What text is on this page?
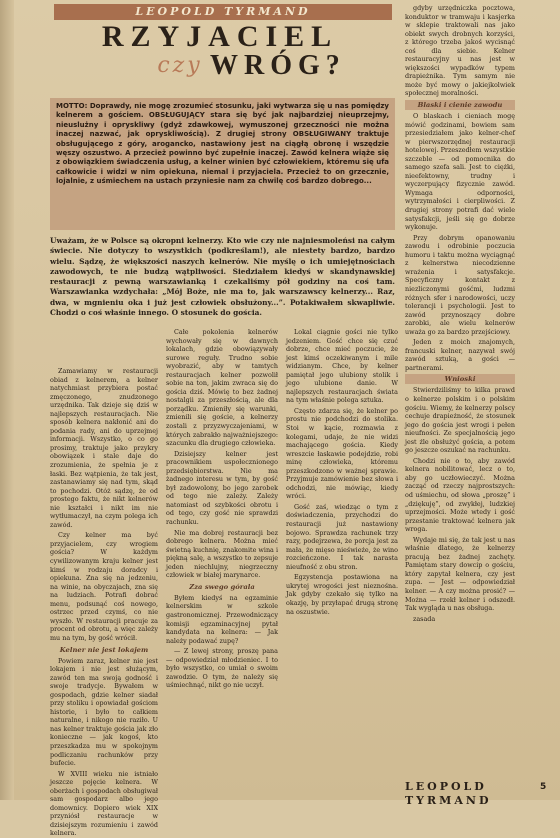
LEOPOLD TYRMAND
RZYJACIEL
czy WRÓG?
MOTTO: Doprawdy, nie mogę zrozumieć stosunku, jaki wytwarza się u nas pomiędzy kelnerem a gościem. OBSŁUGUJĄCY stara się być jak najbardziej nieuprzejmy, nieuslużny i opryskliwy (gdyż zdawkowej, wymuszonej grzeczności nie można inaczej nazwać, jak opryskliwością). Z drugiej strony OBSŁUGIWANY traktuje obsługującego z góry, arogancko, nastawiony jest na ciągłą obronę i wszędzie węszy oszustwo. A przecież powinno być zupełnie inaczej. Zawód kelnera wiąże się z obowiązkiem świadczenia usług, a kelner winien być człowiekiem, któremu się ufa całkowicie i widzi w nim opiekuna, niemal i przyjaciela. Przecież to on grzecznie, lojalnie, z uśmiechem na ustach przyniesie nam za chwilę coś bardzo dobrego...
Uważam, że w Polsce są okropni kelnerzy. Kto wie czy nie najniesmoleńsi na całym świecie. Nie dotyczy to wszystkich (podkreślam!), ale niestety bardzo, bardzo wielu. Sądzę, że większości naszych kelnerów. Nie myślę o ich umiejętnościach zawodowych, te nie budzą wątpliwości. Siedziałem kiedyś w skandynawskiej restauracji z pewną warszawianką i czekaliśmy pół godziny na coś tam. Warszawianka wzdychała: „Mój Boże, nie ma to, jak warszawscy kelnerzy... Raz, dwa, w mgnieniu oka i już jest człowiek obsłużony...”. Potakiwałem skwapliwie. Chodzi o coś właśnie innego. O stosunek do gościa.

Zamawiamy w restauracji obiad z kelnerem, a kelner natychmiast przybiera postać zmęczonego, znudzonego urzędnika. Tak dzieje się dziś w najlepszych restauracjach. Nie sposób kelnera nakłonić ani do podania rady, ani do uprzejmej informacji. Wszystko, o co go prosimy, traktuje jako przykry obowiązek i stale daje do zrozumienia, że spełnia je z łaski. Bez wątpienia, że tak jest, zastanawiamy się nad tym, skąd to pochodzi. Otóż sądzę, że od prostego faktu, że nikt kelnerów nie kształci i nikt im nie wytłumaczył, na czym polega ich zawód.

Czy kelner ma być przyjacielem, czy wrogiem gościa? W każdym cywilizowanym kraju kelner jest kimś w rodzaju doradcy i opiekuna. Zna się na jedzeniu, na winie, na obyczajach, zna się na ludziach. Potrafi dobrać menu, podsunąć coś nowego, ostrzec przed czymś, co nie wyszło. W restauracji pracuje za procent od obrotu, a więc zależy mu na tym, by gość wrócił.

Kelner nie jest lokajem

Powiem zaraz, kelner nie jest lokajem i nie jest służącym, zawód ten ma swoją godność i swoje tradycje. Bywałem w gospodach, gdzie kelner siadał przy stoliku i opowiadał gościom historie, i było to całkiem naturalne, i nikogo nie raziło. U nas kelner traktuje gościa jak zło konieczne — jak kogoś, kto przeszkadza mu w spokojnym podliczaniu rachunków przy bufecie.

W XVIII wieku nie istniało jeszcze pojęcie kelnera. W oberżach i gospodach obsługiwał sam gospodarz albo jego domownicy. Dopiero wiek XIX przyniósł restauracje w dzisiejszym rozumieniu i zawód kelnera.

Całe pokolenia kelnerów wychowały się w dawnych lokalach, gdzie obowiązywały surowe reguły. Trudno sobie wyobrazić, aby w tamtych restauracjach kelner pozwolił sobie na ton, jakim zwraca się do gościa dziś. Mówię to bez żadnej nostalgii za przeszłością, ale dla porządku. Zmieniły się warunki, zmienili się goście, a kelnerzy zostali z przyzwyczajeniami, w których zabrakło najważniejszego: szacunku dla drugiego człowieka.

Dzisiejszy kelner jest pracownikiem uspołecznionego przedsiębiorstwa. Nie ma żadnego interesu w tym, by gość był zadowolony, bo jego zarobek od tego nie zależy. Zależy natomiast od szybkości obrotu i od tego, czy gość nie sprawdzi rachunku.

Nie ma dobrej restauracji bez dobrego kelnera. Można mieć świetną kuchnię, znakomite wina i piękną salę, a wszystko to zepsuje jeden niechlujny, niegrzeczny człowiek w białej marynarce.

Zza swego górala

Byłem kiedyś na egzaminie kelnerskim w szkole gastronomicznej. Przewodniczący komisji egzaminacyjnej pytał kandydata na kelnera: — Jak należy podawać zupę?

— Z lewej strony, proszę pana — odpowiedział młodzieniec. I to było wszystko, co umiał o swoim zawodzie. O tym, że należy się uśmiechnąć, nikt go nie uczył.

Lokal ciągnie gości nie tylko jedzeniem. Gość chce się czuć dobrze, chce mieć poczucie, że jest kimś oczekiwanym i mile widzianym. Chce, by kelner pamiętał jego ulubiony stolik i jego ulubione danie. W najlepszych restauracjach świata na tym właśnie polega sztuka.

Często zdarza się, że kelner po prostu nie podchodzi do stolika. Stoi w kącie, rozmawia z kolegami, udaje, że nie widzi machającego gościa. Kiedy wreszcie łaskawie podejdzie, robi minę człowieka, któremu przeszkodzono w ważnej sprawie. Przyjmuje zamówienie bez słowa i odchodzi, nie mówiąc, kiedy wróci.

Gość zaś, wiedząc o tym z doświadczenia, przychodzi do restauracji już nastawiony bojowo. Sprawdza rachunek trzy razy, podejrzewa, że porcja jest za mała, że mięso nieświeże, że wino rozcieńczone. I tak narasta nieufność z obu stron.

Egzystencja postawiona na ukrytej wrogości jest nieznośna. Jak gdyby czekało się tylko na okazję, by przyłapać drugą stronę na oszustwie.

gdyby urzędniczka pocztowa, konduktor w tramwaju i kasjerka w sklepie traktowali nas jako obiekt swych drobnych korzyści, z którego trzeba jakoś wycisnąć coś dla siebie. Kelner restauracyjny u nas jest w większości wypadków typem drapieżnika. Tym samym nie może być mowy o jakiejkolwiek społecznej moralności.

Blaski i cienie zawodu

O blaskach i cieniach mogę mówić godzinami, bowiem sam przesiedziałem jako kelner-chef w pierwszorzędnej restauracji hotelowej. Przeszedłem wszystkie szczeble — od pomocnika do samego szefa sali. Jest to ciężki, nieefektowny, trudny i wyczerpujący fizycznie zawód. Wymaga odporności, wytrzymałości i cierpliwości. Z drugiej strony potrafi dać wiele satysfakcji, jeśli się go dobrze wykonuje.

Przy dobrym opanowaniu zawodu i odrobinie poczucia humoru i taktu można wyciągnąć z kelnerstwa niecodzienne wrażenia i satysfakcje. Specyficzny kontakt z niezliczonymi gośćmi, ludzmi różnych sfer i narodowości, uczy tolerancji i psychologii. Jest to zawód przynoszący dobre zarobki, ale wielu kelnerów uważa go za bardzo przejściowy.

Jeden z moich znajomych, francuski kelner, nazywał swój zawód sztuką, a gości — partnerami.

Wnioski

Stwierdziliśmy to kilka prawd o kelnerze polskim i o polskim gościu. Wiemy, że kelnerzy polscy cechuje drapieżność, że stosunek jego do gościa jest wrogi i pełen nieufności. Ze specjalnością jego jest źle obsłużyć gościa, a potem go jeszcze oszukać na rachunku.

Chodzi nie o to, aby zawód kelnera nobilitować, lecz o to, aby go uczłowieczyć. Można zacząć od rzeczy najprostszych: od uśmiechu, od słowa „proszę” i „dziękuję”, od zwykłej, ludzkiej uprzejmości. Może wtedy i gość przestanie traktować kelnera jak wroga.

Wydaje mi się, że tak jest u nas właśnie dlatego, że kelnerzy pracują bez żadnej zachęty. Pamiętam stary dowcip o gościu, który zapytał kelnera, czy jest zupa. — Jest — odpowiedział kelner. — A czy można prosić? — Można — rzekł kelner i odszedł. Tak wygląda u nas obsługa.

zasada

LEOPOLD TYRMAND
5
